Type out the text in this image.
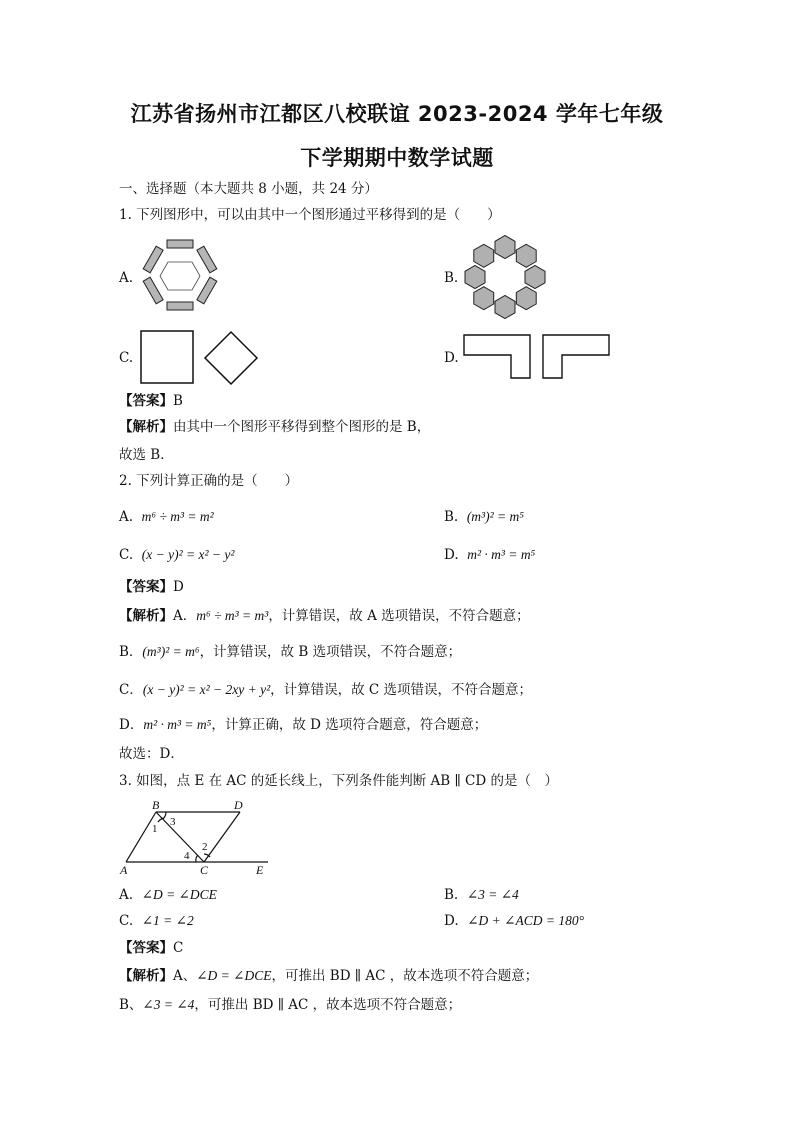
江苏省扬州市江都区八校联谊 2023-2024 学年七年级
下学期期中数学试题
一、选择题（本大题共 8 小题，共 24 分）
1. 下列图形中，可以由其中一个图形通过平移得到的是（　　）
A.	B.
C.	D.
【答案】B
【解析】由其中一个图形平移得到整个图形的是 B，
故选 B．
2. 下列计算正确的是（　　）
A. m⁶ ÷ m³ = m²	B. (m³)² = m⁵
C. (x − y)² = x² − y²	D. m² · m³ = m⁵
【答案】D
【解析】A．m⁶ ÷ m³ = m³，计算错误，故 A 选项错误，不符合题意；
B．(m³)² = m⁶，计算错误，故 B 选项错误，不符合题意；
C．(x − y)² = x² − 2xy + y²，计算错误，故 C 选项错误，不符合题意；
D．m² · m³ = m⁵，计算正确，故 D 选项符合题意，符合题意；
故选：D．
3. 如图，点 E 在 AC 的延长线上，下列条件能判断 AB ∥ CD 的是（　）
B	D
A	C	E
1
3
2
4
A. ∠D = ∠DCE	B. ∠3 = ∠4
C. ∠1 = ∠2	D. ∠D + ∠ACD = 180°
【答案】C
【解析】A、∠D = ∠DCE，可推出 BD ∥ AC ，故本选项不符合题意；
B、∠3 = ∠4，可推出 BD ∥ AC ，故本选项不符合题意；
